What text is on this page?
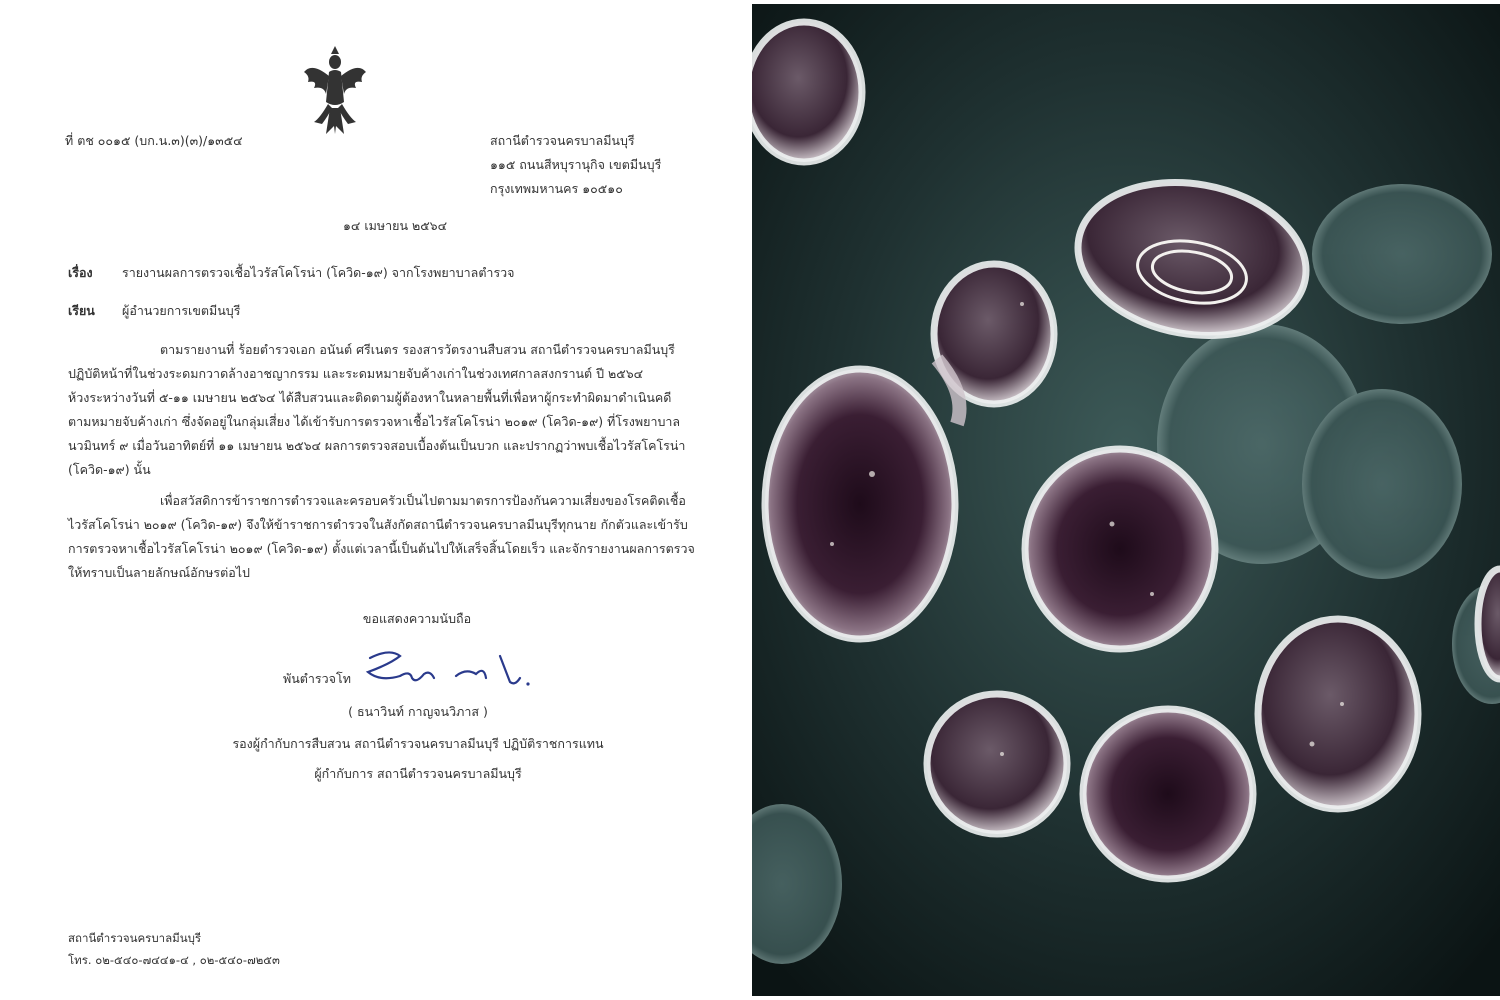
ที่ ตช ๐๐๑๕ (บก.น.๓)(๓)/๑๓๕๔	สถานีตำรวจนครบาลมีนบุรี
๑๑๕ ถนนสีหบุรานุกิจ เขตมีนบุรี
กรุงเทพมหานคร ๑๐๕๑๐
๑๔ เมษายน ๒๕๖๔
เรื่อง รายงานผลการตรวจเชื้อไวรัสโคโรน่า (โควิด-๑๙) จากโรงพยาบาลตำรวจ
เรียน ผู้อำนวยการเขตมีนบุรี
ตามรายงานที่ ร้อยตำรวจเอก อนันต์ ศรีเนตร รองสารวัตรงานสืบสวน สถานีตำรวจนครบาลมีนบุรี
ปฏิบัติหน้าที่ในช่วงระดมกวาดล้างอาชญากรรม และระดมหมายจับค้างเก่าในช่วงเทศกาลสงกรานต์ ปี ๒๕๖๔
ห้วงระหว่างวันที่ ๕-๑๑ เมษายน ๒๕๖๔ ได้สืบสวนและติดตามผู้ต้องหาในหลายพื้นที่เพื่อหาผู้กระทำผิดมาดำเนินคดี
ตามหมายจับค้างเก่า ซึ่งจัดอยู่ในกลุ่มเสี่ยง ได้เข้ารับการตรวจหาเชื้อไวรัสโคโรน่า ๒๐๑๙ (โควิด-๑๙) ที่โรงพยาบาล
นวมินทร์ ๙ เมื่อวันอาทิตย์ที่ ๑๑ เมษายน ๒๕๖๔ ผลการตรวจสอบเบื้องต้นเป็นบวก และปรากฏว่าพบเชื้อไวรัสโคโรน่า
(โควิด-๑๙) นั้น
เพื่อสวัสดิการข้าราชการตำรวจและครอบครัวเป็นไปตามมาตรการป้องกันความเสี่ยงของโรคติดเชื้อ
ไวรัสโคโรน่า ๒๐๑๙ (โควิด-๑๙) จึงให้ข้าราชการตำรวจในสังกัดสถานีตำรวจนครบาลมีนบุรีทุกนาย กักตัวและเข้ารับ
การตรวจหาเชื้อไวรัสโคโรน่า ๒๐๑๙ (โควิด-๑๙) ตั้งแต่เวลานี้เป็นต้นไปให้เสร็จสิ้นโดยเร็ว และจักรายงานผลการตรวจ
ให้ทราบเป็นลายลักษณ์อักษรต่อไป
ขอแสดงความนับถือ
พันตำรวจโท
( ธนาวินท์ กาญจนวิภาส )
รองผู้กำกับการสืบสวน สถานีตำรวจนครบาลมีนบุรี ปฏิบัติราชการแทน
ผู้กำกับการ สถานีตำรวจนครบาลมีนบุรี
สถานีตำรวจนครบาลมีนบุรี
โทร. ๐๒-๕๔๐-๗๔๔๑-๔ , ๐๒-๕๔๐-๗๒๕๓
